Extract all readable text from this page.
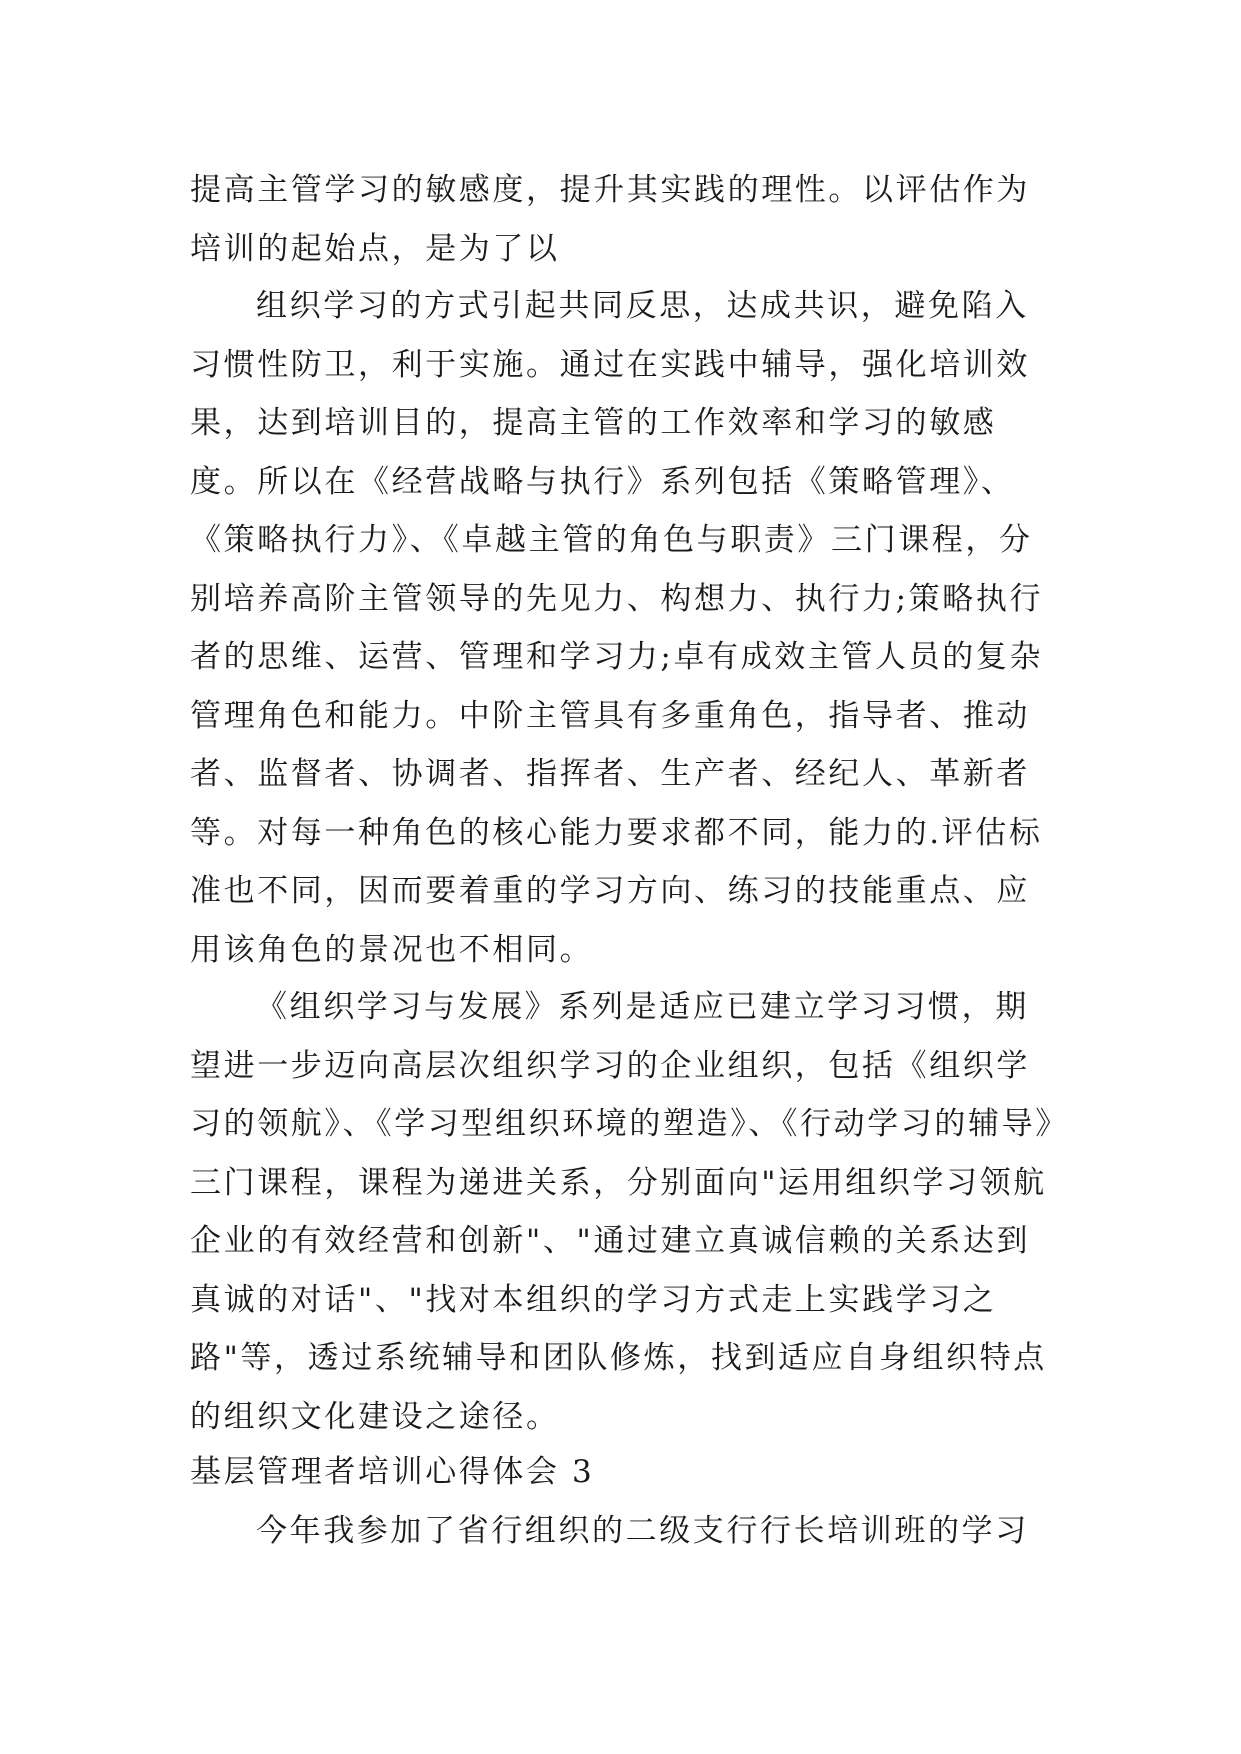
提高主管学习的敏感度，提升其实践的理性。以评估作为培训的起始点，是为了以
组织学习的方式引起共同反思，达成共识，避免陷入习惯性防卫，利于实施。通过在实践中辅导，强化培训效果，达到培训目的，提高主管的工作效率和学习的敏感度。所以在《经营战略与执行》系列包括《策略管理》、《策略执行力》、《卓越主管的角色与职责》三门课程，分别培养高阶主管领导的先见力、构想力、执行力;策略执行者的思维、运营、管理和学习力;卓有成效主管人员的复杂管理角色和能力。中阶主管具有多重角色，指导者、推动者、监督者、协调者、指挥者、生产者、经纪人、革新者等。对每一种角色的核心能力要求都不同，能力的.评估标准也不同，因而要着重的学习方向、练习的技能重点、应用该角色的景况也不相同。
《组织学习与发展》系列是适应已建立学习习惯，期望进一步迈向高层次组织学习的企业组织，包括《组织学习的领航》、《学习型组织环境的塑造》、《行动学习的辅导》三门课程，课程为递进关系，分别面向"运用组织学习领航企业的有效经营和创新"、"通过建立真诚信赖的关系达到真诚的对话"、"找对本组织的学习方式走上实践学习之路"等，透过系统辅导和团队修炼，找到适应自身组织特点的组织文化建设之途径。
基层管理者培训心得体会 3
今年我参加了省行组织的二级支行行长培训班的学习
